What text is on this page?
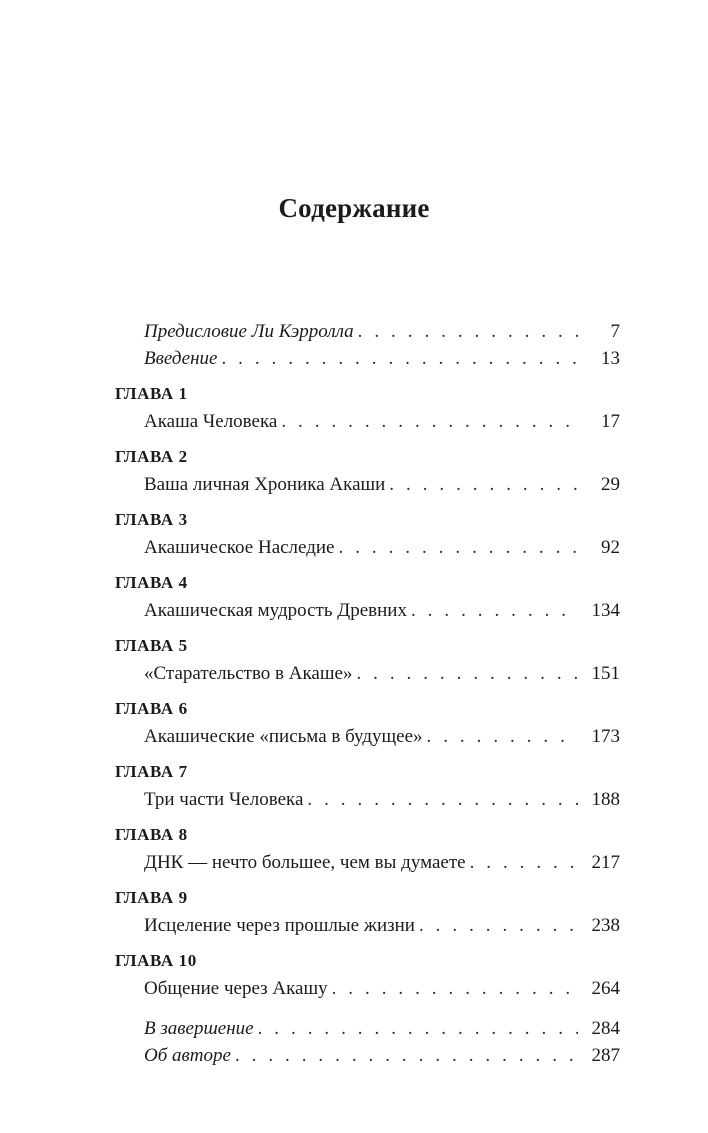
Содержание
Предисловие Ли Кэрролла . . .	7
Введение . . .	13
ГЛАВА 1
Акаша Человека . . .	17
ГЛАВА 2
Ваша личная Хроника Акаши . . .	29
ГЛАВА 3
Акашическое Наследие . . .	92
ГЛАВА 4
Акашическая мудрость Древних . . .	134
ГЛАВА 5
«Старательство в Акаше» . . .	151
ГЛАВА 6
Акашические «письма в будущее» . . .	173
ГЛАВА 7
Три части Человека . . .	188
ГЛАВА 8
ДНК — нечто большее, чем вы думаете . . .	217
ГЛАВА 9
Исцеление через прошлые жизни . . .	238
ГЛАВА 10
Общение через Акашу . . .	264
В завершение . . .	284
Об авторе . . .	287
